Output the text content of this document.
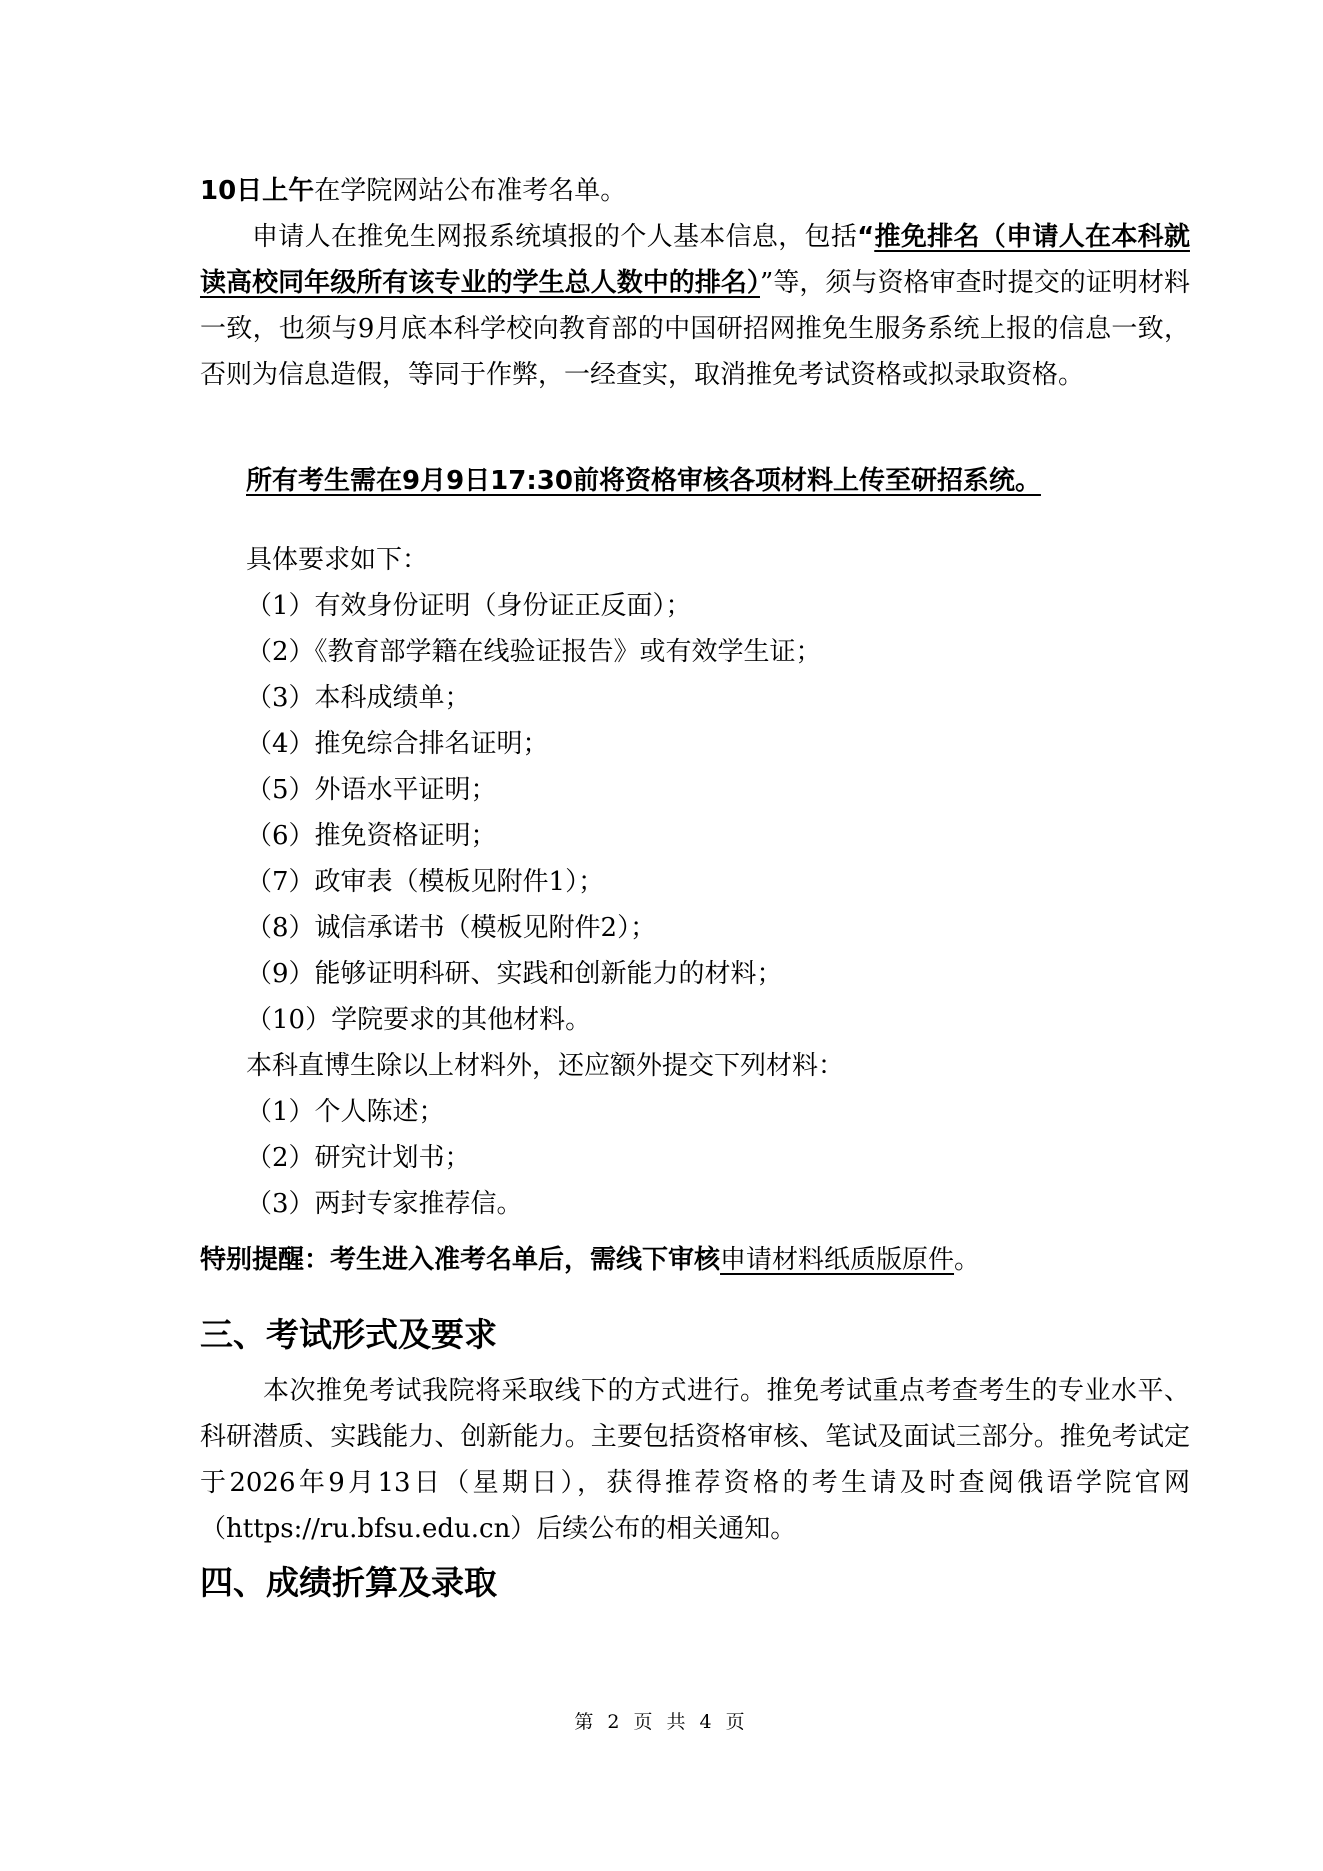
10日上午在学院网站公布准考名单。
申请人在推免生网报系统填报的个人基本信息，包括“推免排名（申请人在本科就读高校同年级所有该专业的学生总人数中的排名）”等，须与资格审查时提交的证明材料一致，也须与9月底本科学校向教育部的中国研招网推免生服务系统上报的信息一致，否则为信息造假，等同于作弊，一经查实，取消推免考试资格或拟录取资格。
所有考生需在9月9日17:30前将资格审核各项材料上传至研招系统。
具体要求如下：
（1）有效身份证明（身份证正反面）；
（2）《教育部学籍在线验证报告》或有效学生证；
（3）本科成绩单；
（4）推免综合排名证明；
（5）外语水平证明；
（6）推免资格证明；
（7）政审表（模板见附件1）；
（8）诚信承诺书（模板见附件2）；
（9）能够证明科研、实践和创新能力的材料；
（10）学院要求的其他材料。
本科直博生除以上材料外，还应额外提交下列材料：
（1）个人陈述；
（2）研究计划书；
（3）两封专家推荐信。
特别提醒：考生进入准考名单后，需线下审核申请材料纸质版原件。
三、考试形式及要求
本次推免考试我院将采取线下的方式进行。推免考试重点考查考生的专业水平、科研潜质、实践能力、创新能力。主要包括资格审核、笔试及面试三部分。推免考试定于2026年9月13日（星期日），获得推荐资格的考生请及时查阅俄语学院官网（https://ru.bfsu.edu.cn）后续公布的相关通知。
四、成绩折算及录取
第 2 页 共 4 页
